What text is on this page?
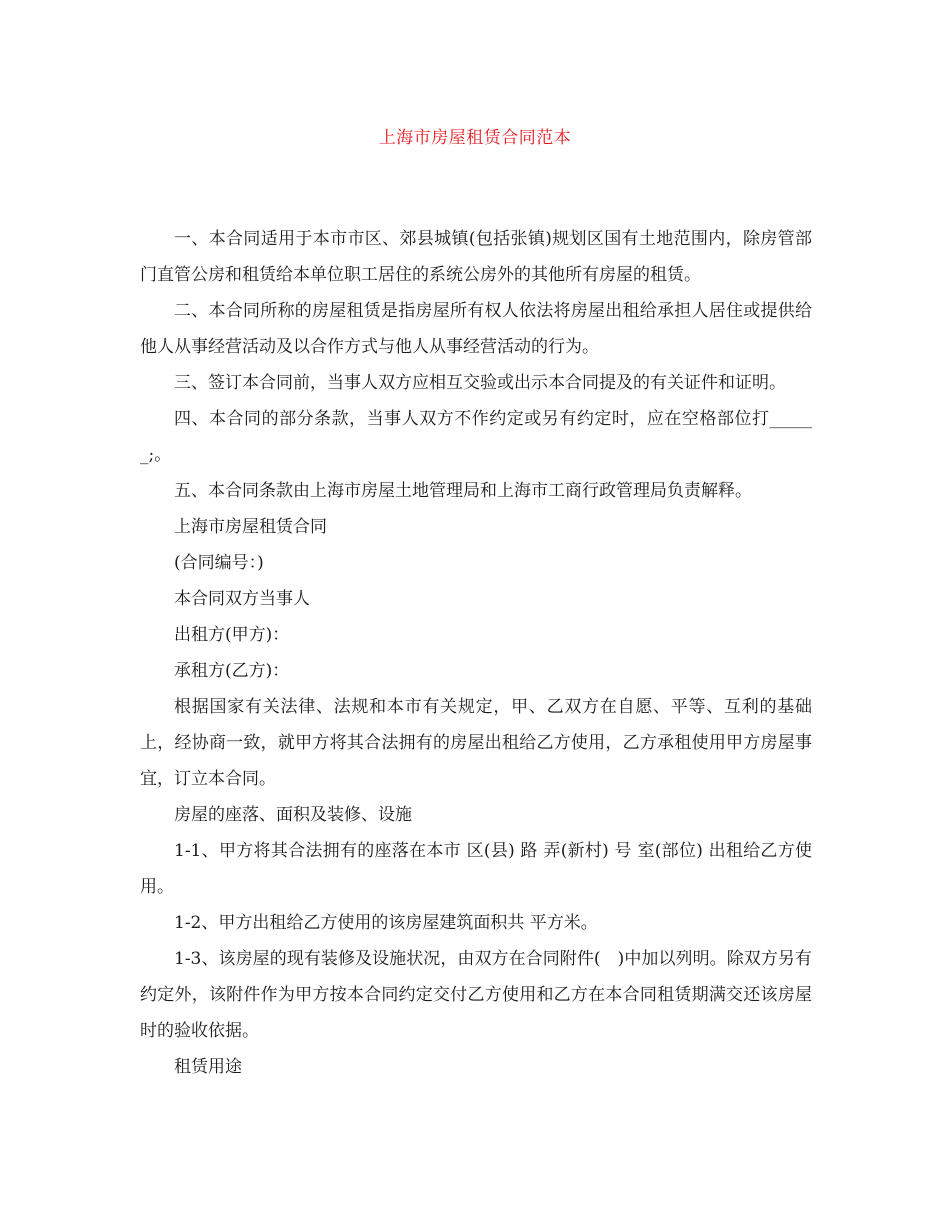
上海市房屋租赁合同范本

一、本合同适用于本市市区、郊县城镇(包括张镇)规划区国有土地范围内，除房管部门直管公房和租赁给本单位职工居住的系统公房外的其他所有房屋的租赁。

二、本合同所称的房屋租赁是指房屋所有权人依法将房屋出租给承担人居住或提供给他人从事经营活动及以合作方式与他人从事经营活动的行为。

三、签订本合同前，当事人双方应相互交验或出示本合同提及的有关证件和证明。

四、本合同的部分条款，当事人双方不作约定或另有约定时，应在空格部位打______;。

五、本合同条款由上海市房屋土地管理局和上海市工商行政管理局负责解释。

上海市房屋租赁合同

(合同编号：)

本合同双方当事人

出租方(甲方)：

承租方(乙方)：

根据国家有关法律、法规和本市有关规定，甲、乙双方在自愿、平等、互利的基础上，经协商一致，就甲方将其合法拥有的房屋出租给乙方使用，乙方承租使用甲方房屋事宜，订立本合同。

房屋的座落、面积及装修、设施

1-1、甲方将其合法拥有的座落在本市 区(县) 路 弄(新村) 号 室(部位) 出租给乙方使用。

1-2、甲方出租给乙方使用的该房屋建筑面积共 平方米。

1-3、该房屋的现有装修及设施状况，由双方在合同附件(　)中加以列明。除双方另有约定外，该附件作为甲方按本合同约定交付乙方使用和乙方在本合同租赁期满交还该房屋时的验收依据。

租赁用途
